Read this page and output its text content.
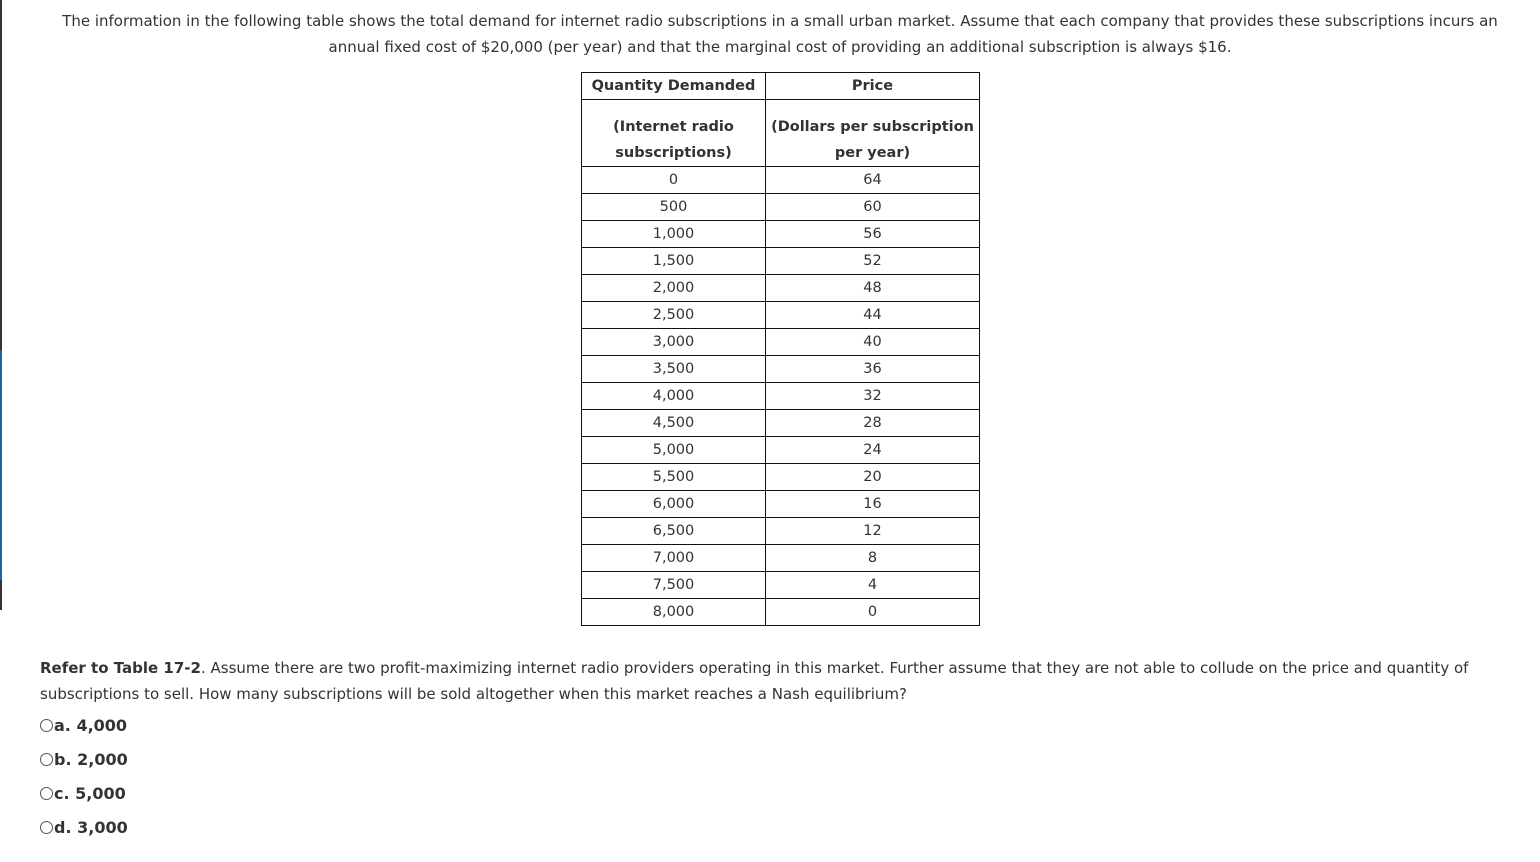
The information in the following table shows the total demand for internet radio subscriptions in a small urban market. Assume that each company that provides these subscriptions incurs an
annual fixed cost of $20,000 (per year) and that the marginal cost of providing an additional subscription is always $16.
Quantity Demanded	Price

(Internet radio
subscriptions)	(Dollars per subscription
per year)

0	64
500	60
1,000	56
1,500	52
2,000	48
2,500	44
3,000	40
3,500	36
4,000	32
4,500	28
5,000	24
5,500	20
6,000	16
6,500	12
7,000	8
7,500	4
8,000	0
Refer to Table 17-2. Assume there are two profit-maximizing internet radio providers operating in this market. Further assume that they are not able to collude on the price and quantity of subscriptions to sell. How many subscriptions will be sold altogether when this market reaches a Nash equilibrium?
a. 4,000
b. 2,000
c. 5,000
d. 3,000
